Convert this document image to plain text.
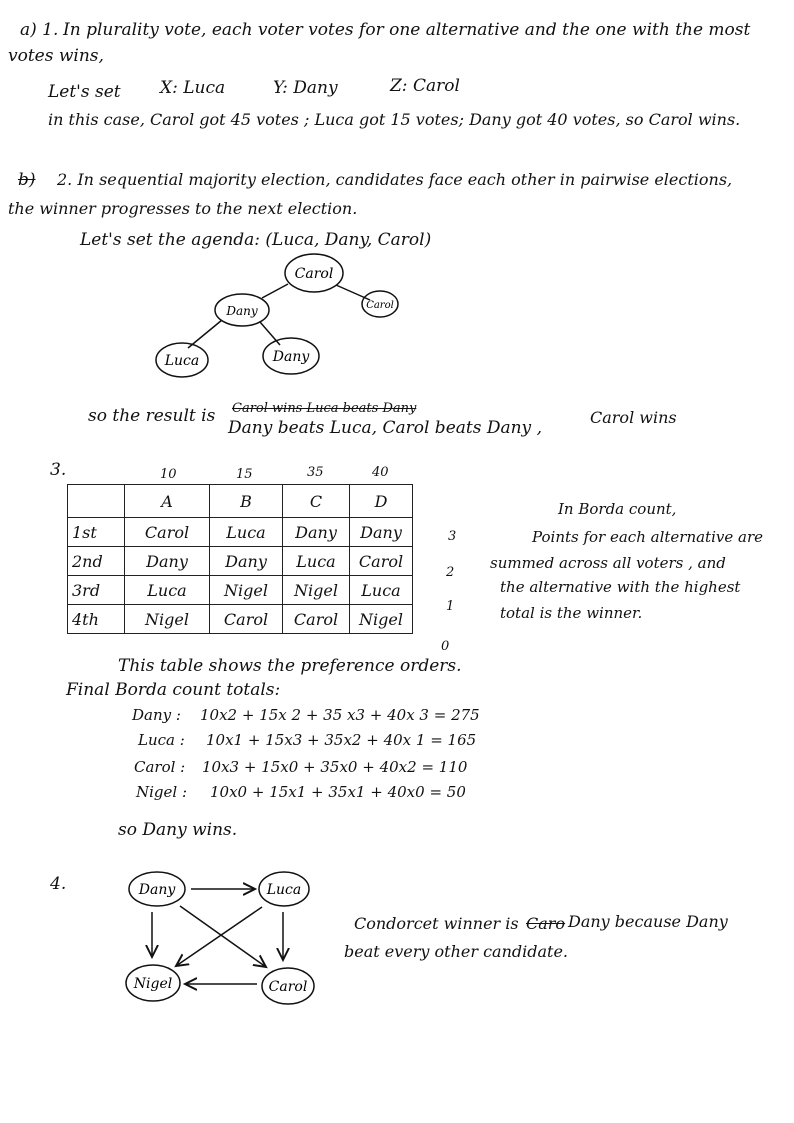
a) 1. In plurality vote, each voter votes for one alternative and the one with the most
votes wins,
Let's set X: Luca	Y: Dany	Z: Carol
in this case, Carol got 45 votes ; Luca got 15 votes; Dany got 40 votes, so Carol wins.
b) 2. In sequential majority election, candidates face each other in pairwise elections,
the winner progresses to the next election.
Let's set the agenda: (Luca, Dany, Carol)
Carol
Dany	Carol
Luca	Dany
so the result is Carol wins Luca beats Dany
Dany beats Luca, Carol beats Dany ,
Carol wins
3.	10	15	35	40
	A	B	C	D
1st	Carol	Luca	Dany	Dany
2nd	Dany	Dany	Luca	Carol
3rd	Luca	Nigel	Nigel	Luca
4th	Nigel	Carol	Carol	Nigel
3
2
1
0
In Borda count,
Points for each alternative are
summed across all voters , and
the alternative with the highest
total is the winner.
This table shows the preference orders.
Final Borda count totals:
Dany : 10x2 + 15x 2 + 35 x3 + 40x 3 = 275
Luca : 10x1 + 15x3 + 35x2 + 40x 1 = 165
Carol : 10x3 + 15x0 + 35x0 + 40x2 = 110
Nigel : 10x0 + 15x1 + 35x1 + 40x0 = 50
so Dany wins.
4.	Dany	Luca
Nigel	Carol
Condorcet winner is Caro Dany because Dany
beat every other candidate.
